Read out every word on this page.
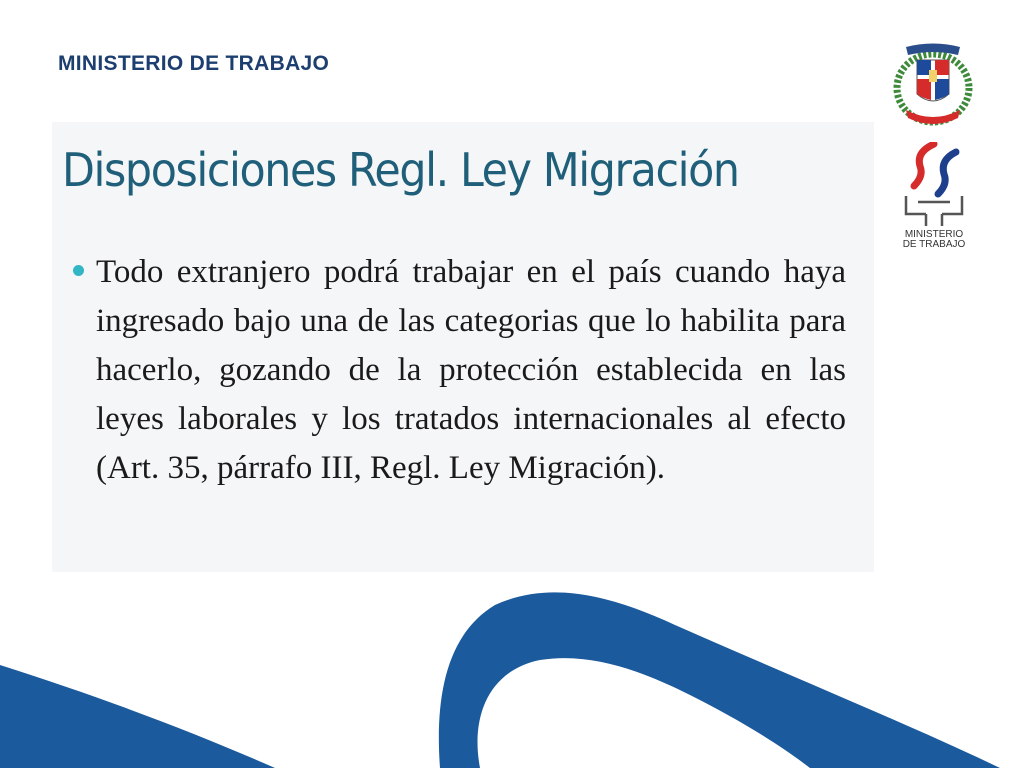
MINISTERIO DE TRABAJO
Disposiciones Regl. Ley Migración

Todo extranjero podrá trabajar en el país cuando haya ingresado bajo una de las categorias que lo habilita para hacerlo, gozando de la protección establecida en las leyes laborales y los tratados internacionales al efecto (Art. 35, párrafo III, Regl. Ley Migración).

MINISTERIO
DE TRABAJO
